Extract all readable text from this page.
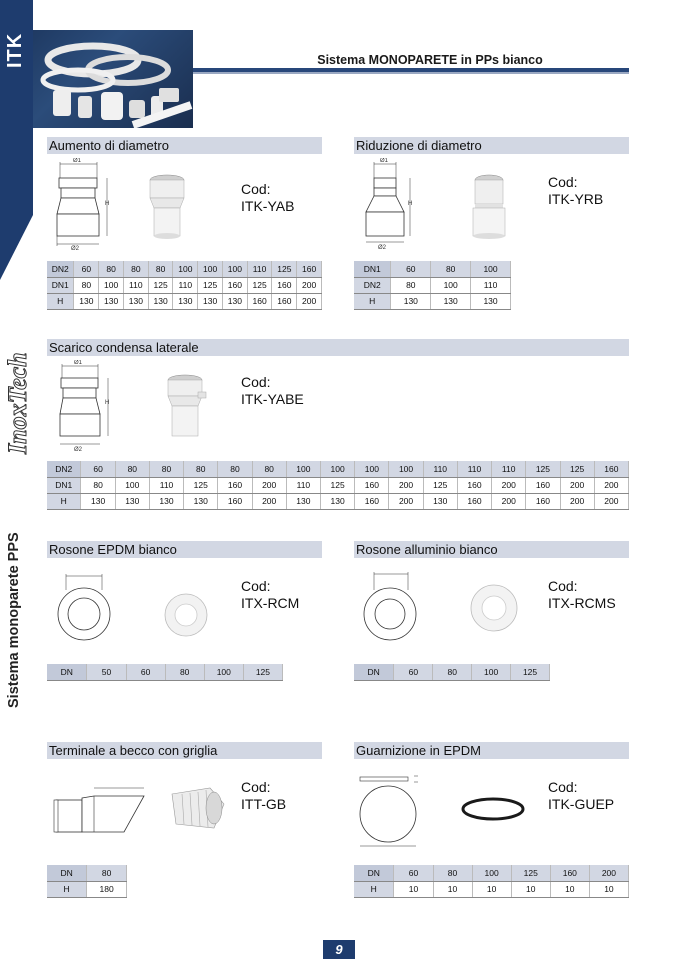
ITK
InoxTech
Sistema monoparete PPS
Sistema MONOPARETE in PPs bianco
Aumento di diametro
Ø1
H
Ø2
Cod:
ITK-YAB
DN2	60	80	80	80	100	100	100	110	125	160
DN1	80	100	110	125	110	125	160	125	160	200
H	130	130	130	130	130	130	130	160	160	200
Riduzione di diametro
Ø1
H
Ø2
Cod:
ITK-YRB
DN1	60	80	100
DN2	80	100	110
H	130	130	130
Scarico condensa laterale
Ø1
H
Ø2
Cod:
ITK-YABE
DN2	60	80	80	80	80	80	100	100	100	100	110	110	110	125	125	160
DN1	80	100	110	125	160	200	110	125	160	200	125	160	200	160	200	200
H	130	130	130	130	160	200	130	130	160	200	130	160	200	160	200	200
Rosone EPDM bianco
Cod:
ITX-RCM
DN	50	60	80	100	125
Rosone alluminio bianco
Cod:
ITX-RCMS
DN	60	80	100	125
Terminale a becco con griglia
Cod:
ITT-GB
DN	80
H	180
Guarnizione in EPDM
Cod:
ITK-GUEP
DN	60	80	100	125	160	200
H	10	10	10	10	10	10
9
